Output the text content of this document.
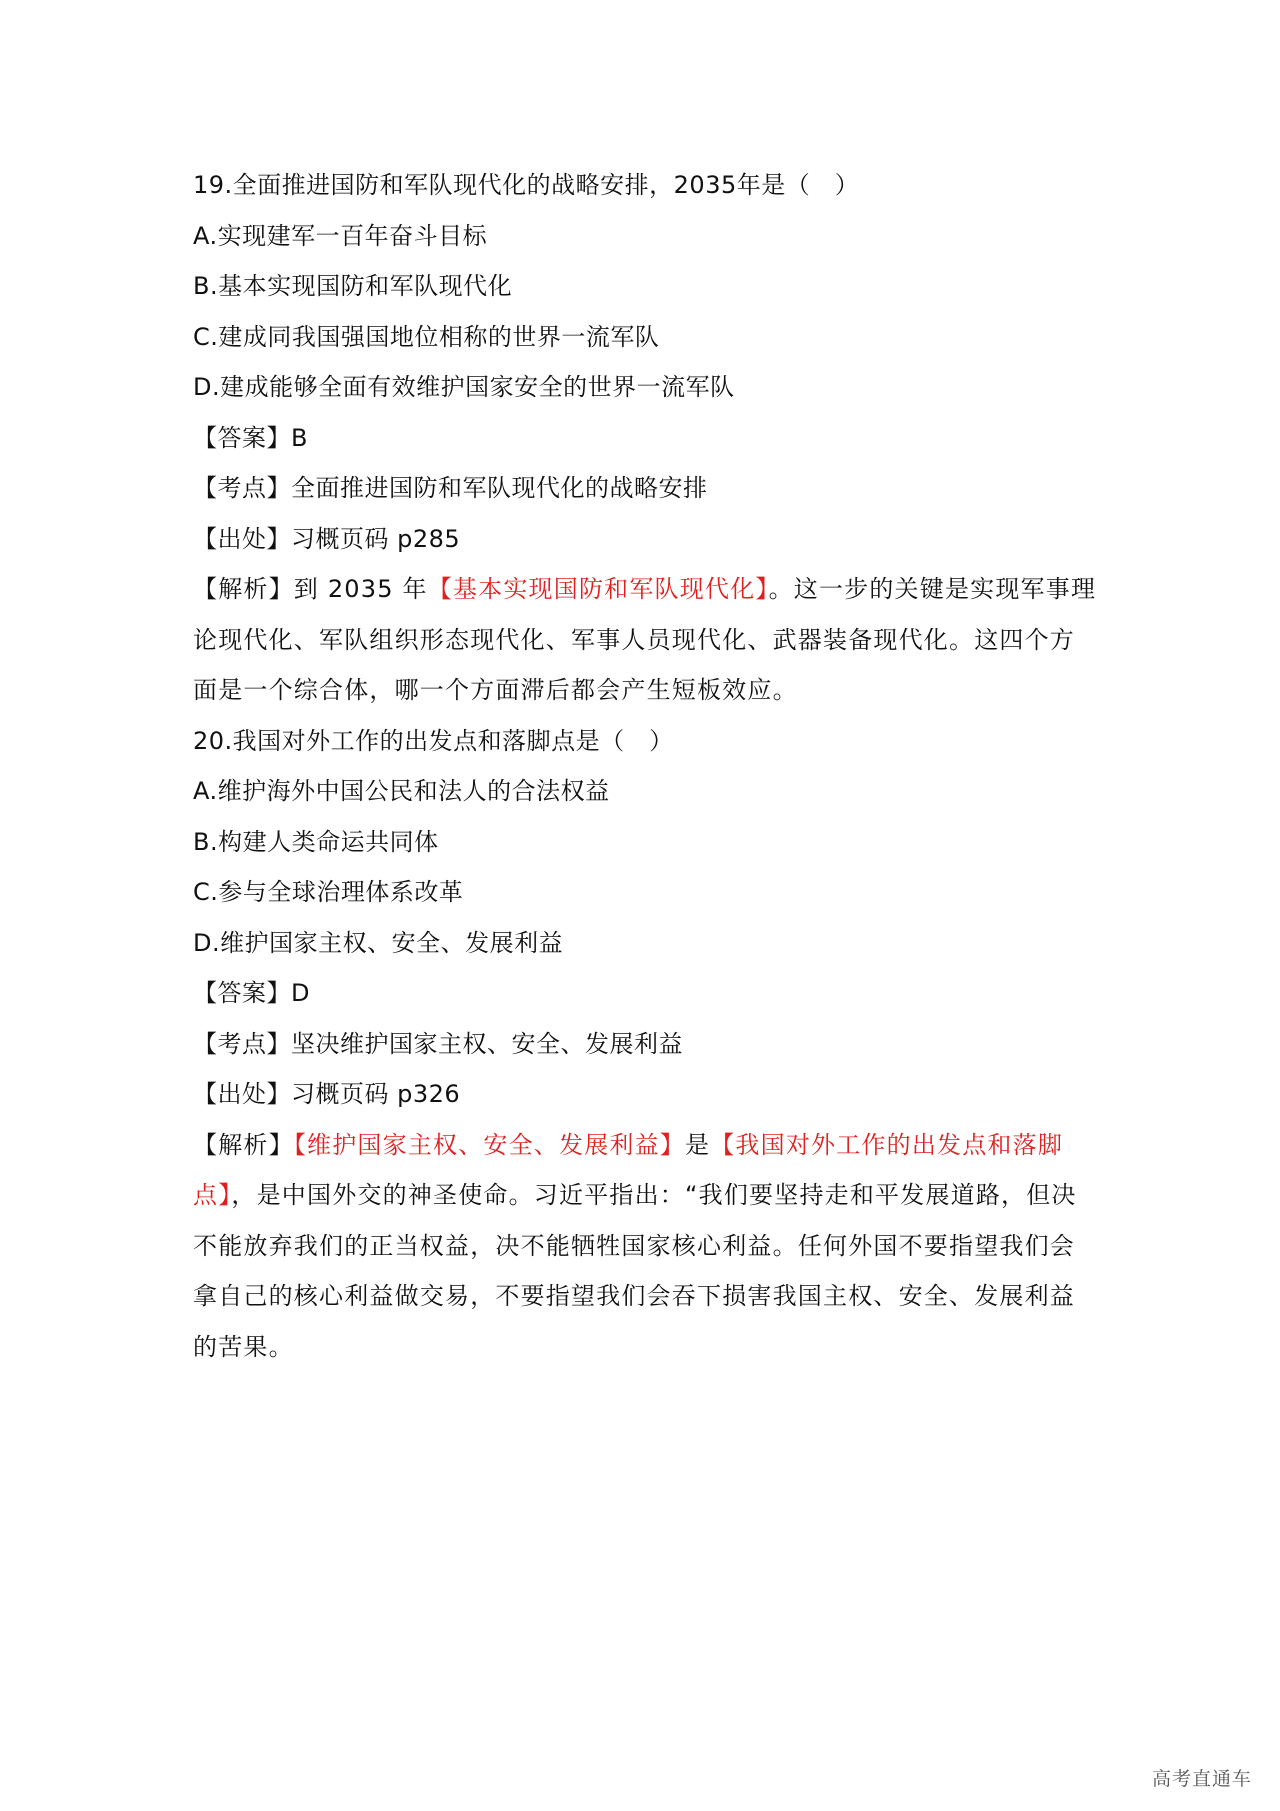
19.全面推进国防和军队现代化的战略安排，2035年是（　）
A.实现建军一百年奋斗目标
B.基本实现国防和军队现代化
C.建成同我国强国地位相称的世界一流军队
D.建成能够全面有效维护国家安全的世界一流军队
【答案】B
【考点】全面推进国防和军队现代化的战略安排
【出处】习概页码 p285
【解析】到 2035 年【基本实现国防和军队现代化】。这一步的关键是实现军事理
论现代化、军队组织形态现代化、军事人员现代化、武器装备现代化。这四个方
面是一个综合体，哪一个方面滞后都会产生短板效应。
20.我国对外工作的出发点和落脚点是（　）
A.维护海外中国公民和法人的合法权益
B.构建人类命运共同体
C.参与全球治理体系改革
D.维护国家主权、安全、发展利益
【答案】D
【考点】坚决维护国家主权、安全、发展利益
【出处】习概页码 p326
【解析】【维护国家主权、安全、发展利益】是【我国对外工作的出发点和落脚
点】，是中国外交的神圣使命。习近平指出：“我们要坚持走和平发展道路，但决
不能放弃我们的正当权益，决不能牺牲国家核心利益。任何外国不要指望我们会
拿自己的核心利益做交易，不要指望我们会吞下损害我国主权、安全、发展利益
的苦果。
高考直通车
